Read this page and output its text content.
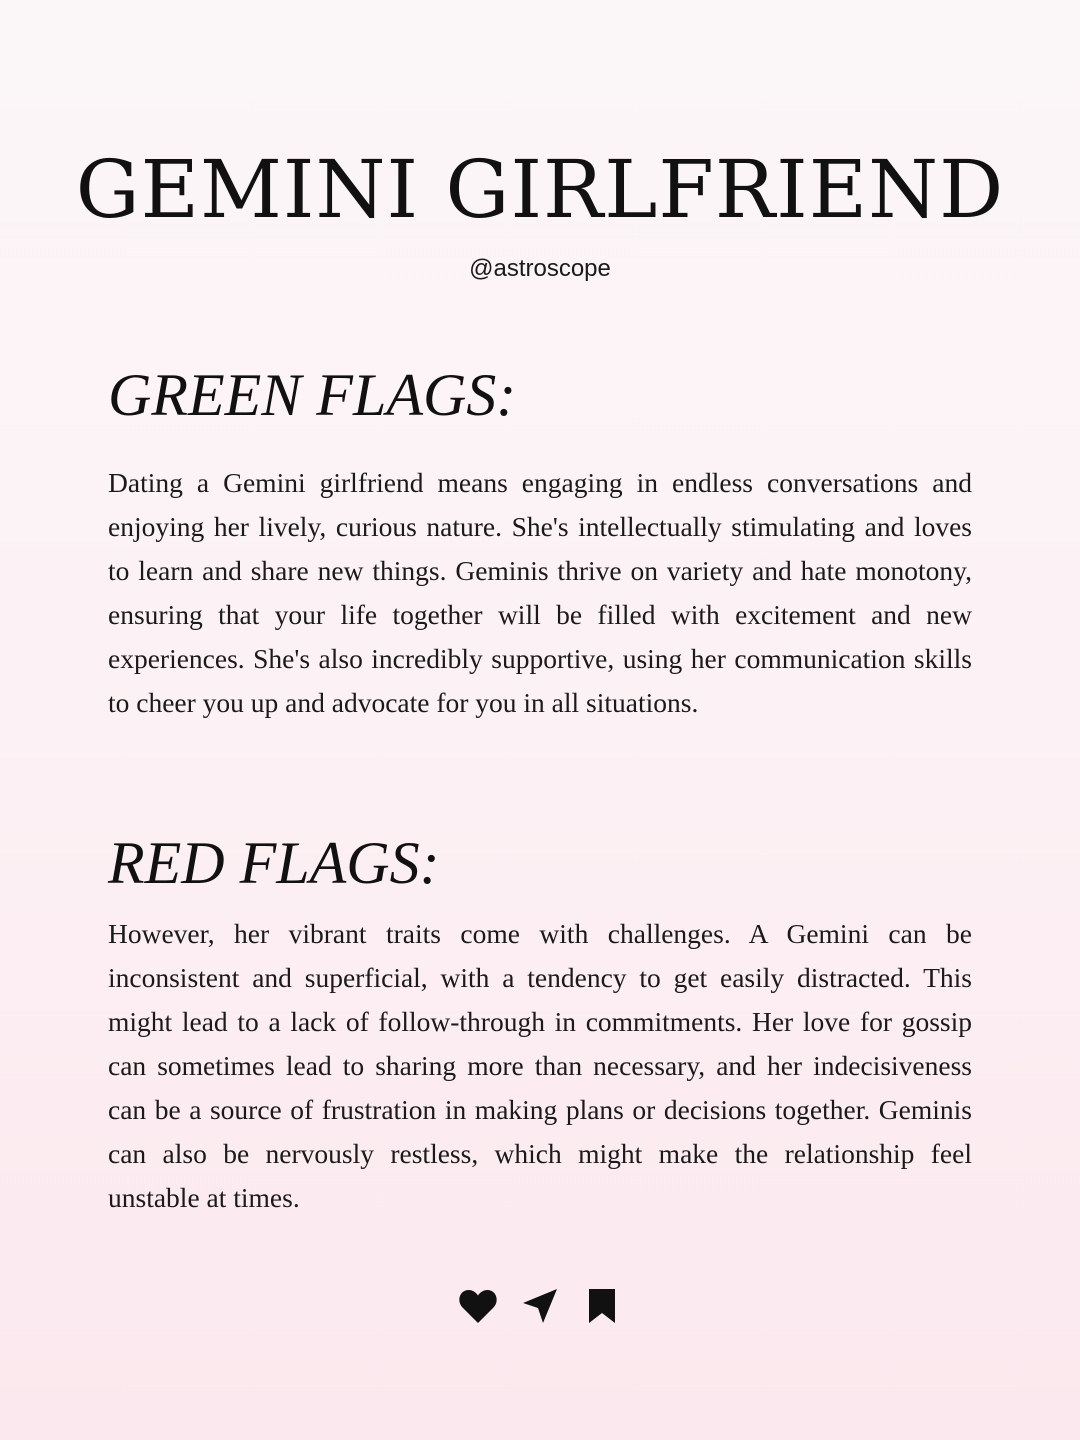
GEMINI GIRLFRIEND
@astroscope
GREEN FLAGS:

Dating a Gemini girlfriend means engaging in endless conversations and enjoying her lively, curious nature. She's intellectually stimulating and loves to learn and share new things. Geminis thrive on variety and hate monotony, ensuring that your life together will be filled with excitement and new experiences. She's also incredibly supportive, using her communication skills to cheer you up and advocate for you in all situations.

RED FLAGS:

However, her vibrant traits come with challenges. A Gemini can be inconsistent and superficial, with a tendency to get easily distracted. This might lead to a lack of follow-through in commitments. Her love for gossip can sometimes lead to sharing more than necessary, and her indecisiveness can be a source of frustration in making plans or decisions together. Geminis can also be nervously restless, which might make the relationship feel unstable at times.
